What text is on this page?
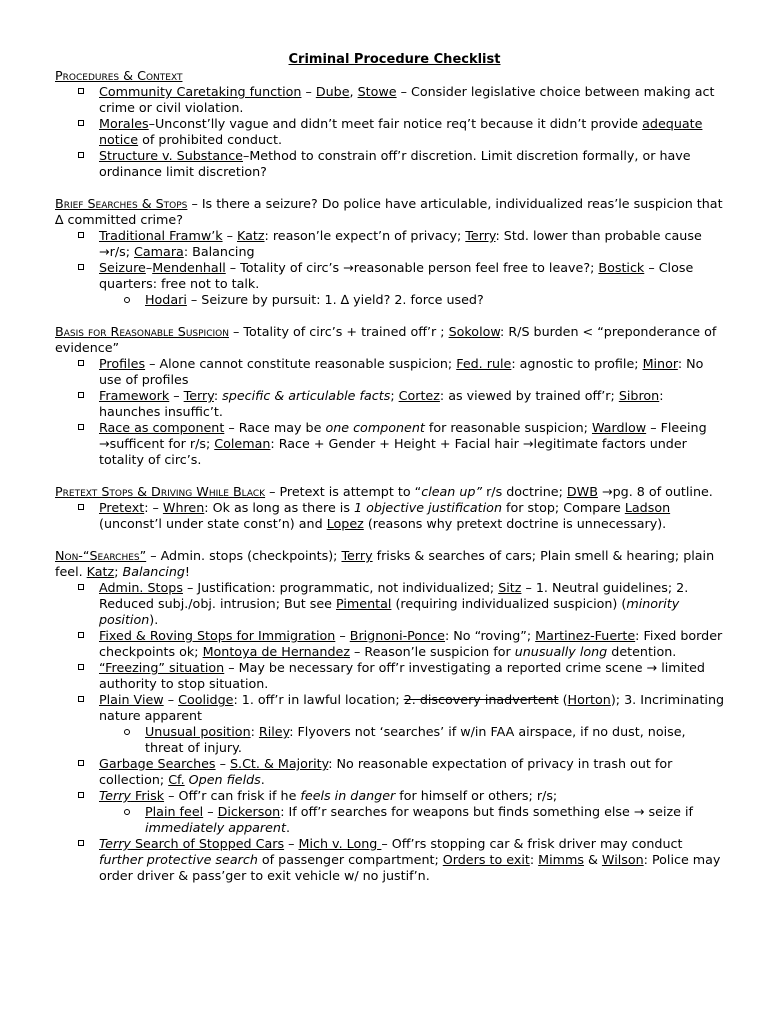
Criminal Procedure Checklist
Procedures & Context
Community Caretaking function – Dube, Stowe – Consider legislative choice between making act crime or civil violation.
Morales–Unconst’lly vague and didn’t meet fair notice req’t because it didn’t provide adequate notice of prohibited conduct.
Structure v. Substance–Method to constrain off’r discretion. Limit discretion formally, or have ordinance limit discretion?
Brief Searches & Stops – Is there a seizure? Do police have articulable, individualized reas’le suspicion that ∆ committed crime?
Traditional Framw’k – Katz: reason’le expect’n of privacy; Terry: Std. lower than probable cause →r/s; Camara: Balancing
Seizure–Mendenhall – Totality of circ’s →reasonable person feel free to leave?; Bostick – Close quarters: free not to talk.
Hodari – Seizure by pursuit: 1. ∆ yield? 2. force used?
Basis for Reasonable Suspicion – Totality of circ’s + trained off’r ; Sokolow: R/S burden < “preponderance of evidence”
Profiles – Alone cannot constitute reasonable suspicion; Fed. rule: agnostic to profile; Minor: No use of profiles
Framework – Terry: specific & articulable facts; Cortez: as viewed by trained off’r; Sibron: haunches insuffic’t.
Race as component – Race may be one component for reasonable suspicion; Wardlow – Fleeing →sufficent for r/s; Coleman: Race + Gender + Height + Facial hair →legitimate factors under totality of circ’s.
Pretext Stops & Driving While Black – Pretext is attempt to “clean up” r/s doctrine; DWB →pg. 8 of outline.
Pretext: – Whren: Ok as long as there is 1 objective justification for stop; Compare Ladson (unconst’l under state const’n) and Lopez (reasons why pretext doctrine is unnecessary).
Non-“Searches” – Admin. stops (checkpoints); Terry frisks & searches of cars; Plain smell & hearing; plain feel. Katz; Balancing!
Admin. Stops – Justification: programmatic, not individualized; Sitz – 1. Neutral guidelines; 2. Reduced subj./obj. intrusion; But see Pimental (requiring individualized suspicion) (minority position).
Fixed & Roving Stops for Immigration – Brignoni-Ponce: No “roving”; Martinez-Fuerte: Fixed border checkpoints ok; Montoya de Hernandez – Reason’le suspicion for unusually long detention.
“Freezing” situation – May be necessary for off’r investigating a reported crime scene → limited authority to stop situation.
Plain View – Coolidge: 1. off’r in lawful location; 2. discovery inadvertent (Horton); 3. Incriminating nature apparent
Unusual position: Riley: Flyovers not ‘searches’ if w/in FAA airspace, if no dust, noise, threat of injury.
Garbage Searches – S.Ct. & Majority: No reasonable expectation of privacy in trash out for collection; Cf. Open fields.
Terry Frisk – Off’r can frisk if he feels in danger for himself or others; r/s;
Plain feel – Dickerson: If off’r searches for weapons but finds something else → seize if immediately apparent.
Terry Search of Stopped Cars – Mich v. Long – Off’rs stopping car & frisk driver may conduct further protective search of passenger compartment; Orders to exit: Mimms & Wilson: Police may order driver & pass’ger to exit vehicle w/ no justif’n.
